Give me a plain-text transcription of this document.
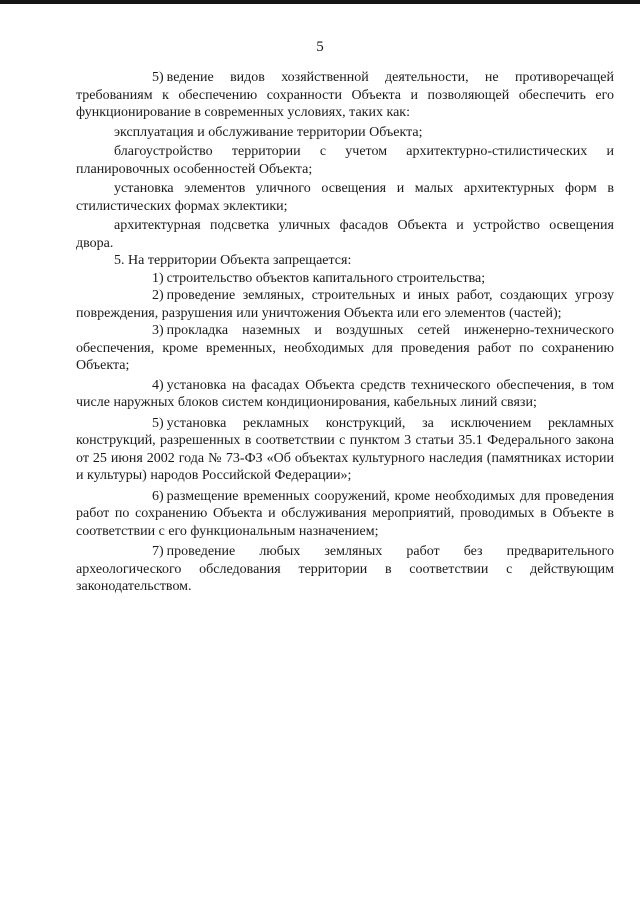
5

5) ведение видов хозяйственной деятельности, не противоречащей требованиям к обеспечению сохранности Объекта и позволяющей обеспечить его функционирование в современных условиях, таких как:

эксплуатация и обслуживание территории Объекта;

благоустройство территории с учетом архитектурно-стилистических и планировочных особенностей Объекта;

установка элементов уличного освещения и малых архитектурных форм в стилистических формах эклектики;

архитектурная подсветка уличных фасадов Объекта и устройство освещения двора.

5. На территории Объекта запрещается:

1) строительство объектов капитального строительства;

2) проведение земляных, строительных и иных работ, создающих угрозу повреждения, разрушения или уничтожения Объекта или его элементов (частей);

3) прокладка наземных и воздушных сетей инженерно-технического обеспечения, кроме временных, необходимых для проведения работ по сохранению Объекта;

4) установка на фасадах Объекта средств технического обеспечения, в том числе наружных блоков систем кондиционирования, кабельных линий связи;

5) установка рекламных конструкций, за исключением рекламных конструкций, разрешенных в соответствии с пунктом 3 статьи 35.1 Федерального закона от 25 июня 2002 года № 73-ФЗ «Об объектах культурного наследия (памятниках истории и культуры) народов Российской Федерации»;

6) размещение временных сооружений, кроме необходимых для проведения работ по сохранению Объекта и обслуживания мероприятий, проводимых в Объекте в соответствии с его функциональным назначением;

7) проведение любых земляных работ без предварительного археологического обследования территории в соответствии с действующим законодательством.
